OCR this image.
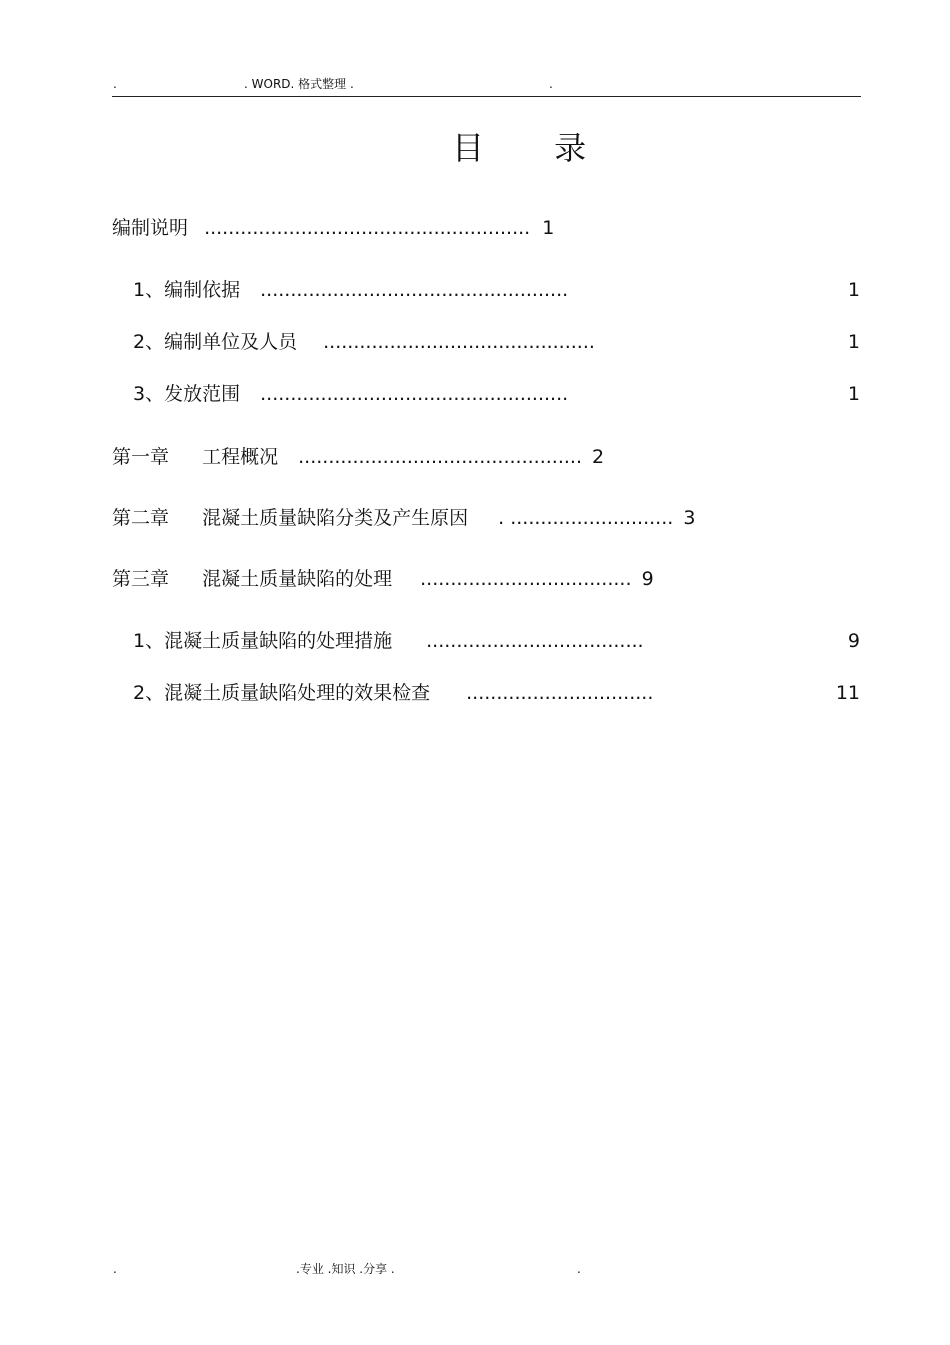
.	. WORD. 格式整理 .	.
目 录
编制说明 ...................................................... 1
1、编制依据 ...................................................	1
2、编制单位及人员 .............................................	1
3、发放范围 ...................................................	1
第一章 工程概况 ............................................... 2
第二章 混凝土质量缺陷分类及产生原因 . ........................... 3
第三章 混凝土质量缺陷的处理 ................................... 9
1、混凝土质量缺陷的处理措施 ....................................	9
2、混凝土质量缺陷处理的效果检查 ...............................	11
.	.专业 .知识 .分享 .	.
